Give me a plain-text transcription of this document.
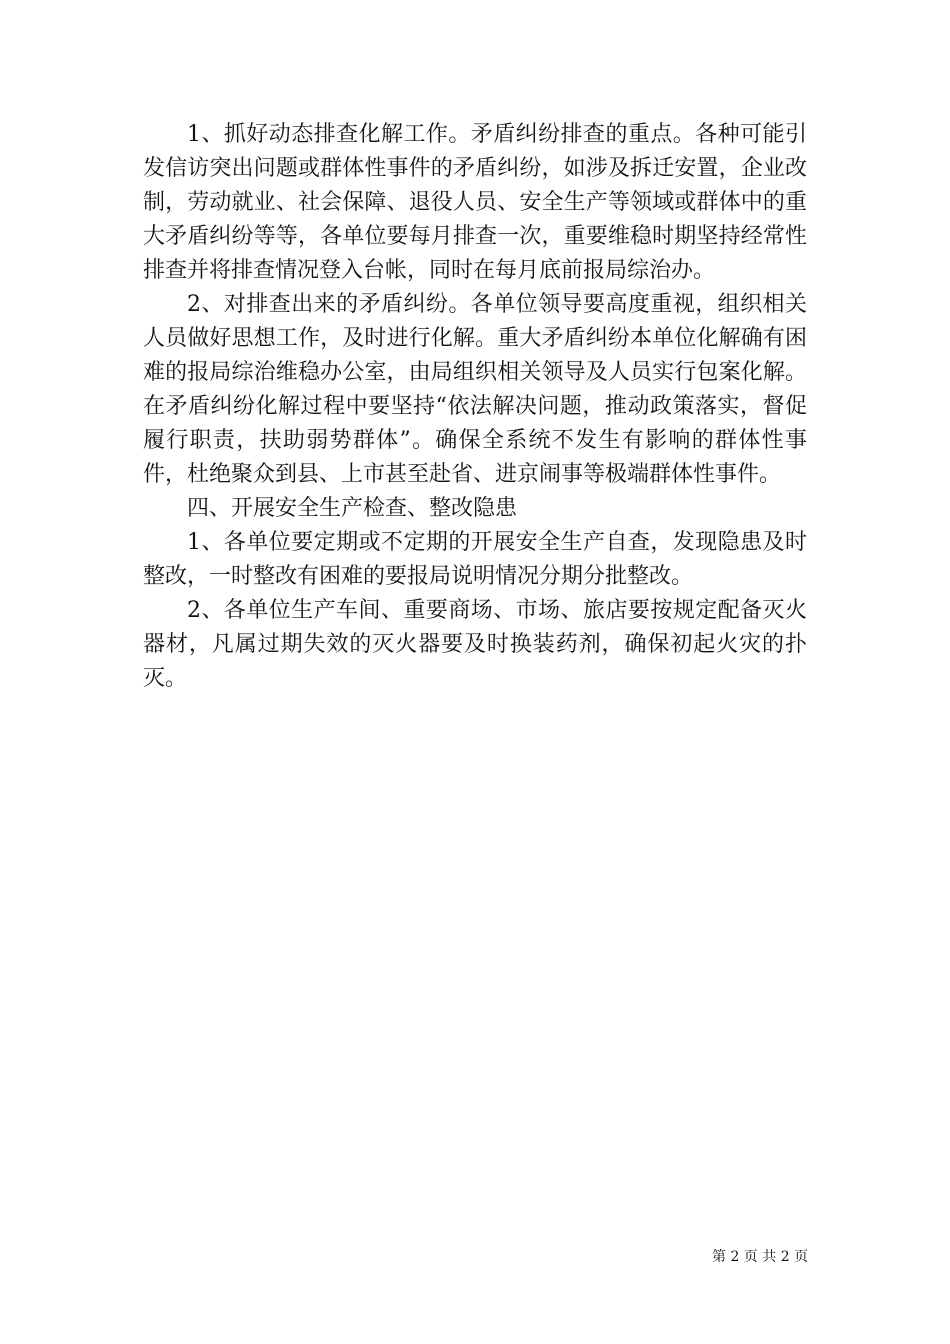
1、抓好动态排查化解工作。矛盾纠纷排查的重点。各种可能引发信访突出问题或群体性事件的矛盾纠纷，如涉及拆迁安置，企业改制，劳动就业、社会保障、退役人员、安全生产等领域或群体中的重大矛盾纠纷等等，各单位要每月排查一次，重要维稳时期坚持经常性排查并将排查情况登入台帐，同时在每月底前报局综治办。

2、对排查出来的矛盾纠纷。各单位领导要高度重视，组织相关人员做好思想工作，及时进行化解。重大矛盾纠纷本单位化解确有困难的报局综治维稳办公室，由局组织相关领导及人员实行包案化解。在矛盾纠纷化解过程中要坚持“依法解决问题，推动政策落实，督促履行职责，扶助弱势群体”。确保全系统不发生有影响的群体性事件，杜绝聚众到县、上市甚至赴省、进京闹事等极端群体性事件。

四、开展安全生产检查、整改隐患

1、各单位要定期或不定期的开展安全生产自查，发现隐患及时整改，一时整改有困难的要报局说明情况分期分批整改。

2、各单位生产车间、重要商场、市场、旅店要按规定配备灭火器材，凡属过期失效的灭火器要及时换装药剂，确保初起火灾的扑灭。

第 2 页 共 2 页
